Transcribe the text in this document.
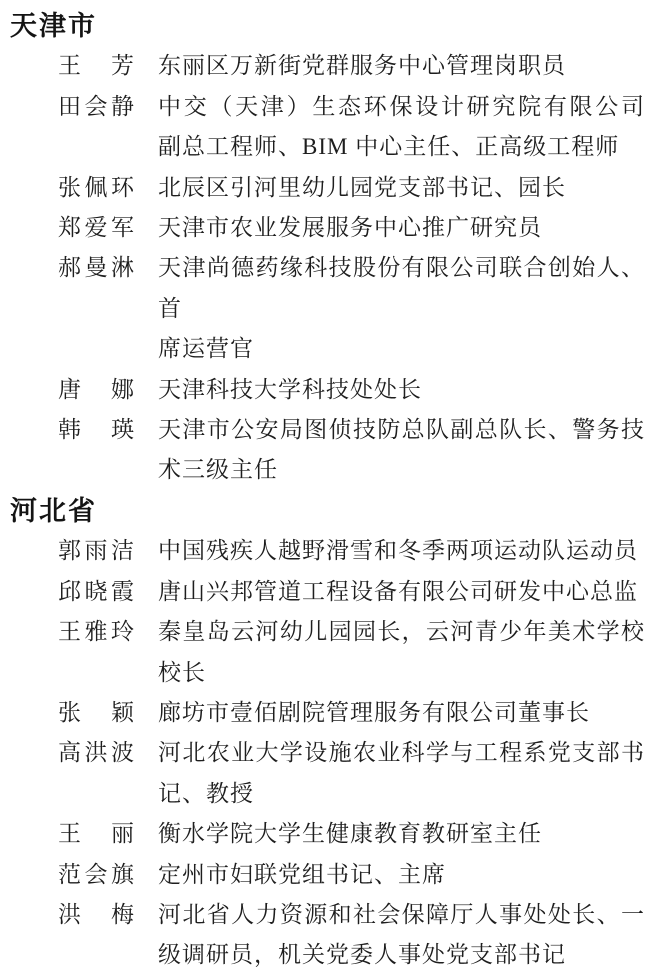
天津市
王　芳 东丽区万新街党群服务中心管理岗职员
田会静 中交（天津）生态环保设计研究院有限公司
副总工程师、BIM 中心主任、正高级工程师
张佩环 北辰区引河里幼儿园党支部书记、园长
郑爱军 天津市农业发展服务中心推广研究员
郝曼淋 天津尚德药缘科技股份有限公司联合创始人、首
席运营官
唐　娜 天津科技大学科技处处长
韩　瑛 天津市公安局图侦技防总队副总队长、警务技
术三级主任
河北省
郭雨洁 中国残疾人越野滑雪和冬季两项运动队运动员
邱晓霞 唐山兴邦管道工程设备有限公司研发中心总监
王雅玲 秦皇岛云河幼儿园园长，云河青少年美术学校
校长
张　颖 廊坊市壹佰剧院管理服务有限公司董事长
高洪波 河北农业大学设施农业科学与工程系党支部书
记、教授
王　丽 衡水学院大学生健康教育教研室主任
范会旗 定州市妇联党组书记、主席
洪　梅 河北省人力资源和社会保障厅人事处处长、一
级调研员，机关党委人事处党支部书记
